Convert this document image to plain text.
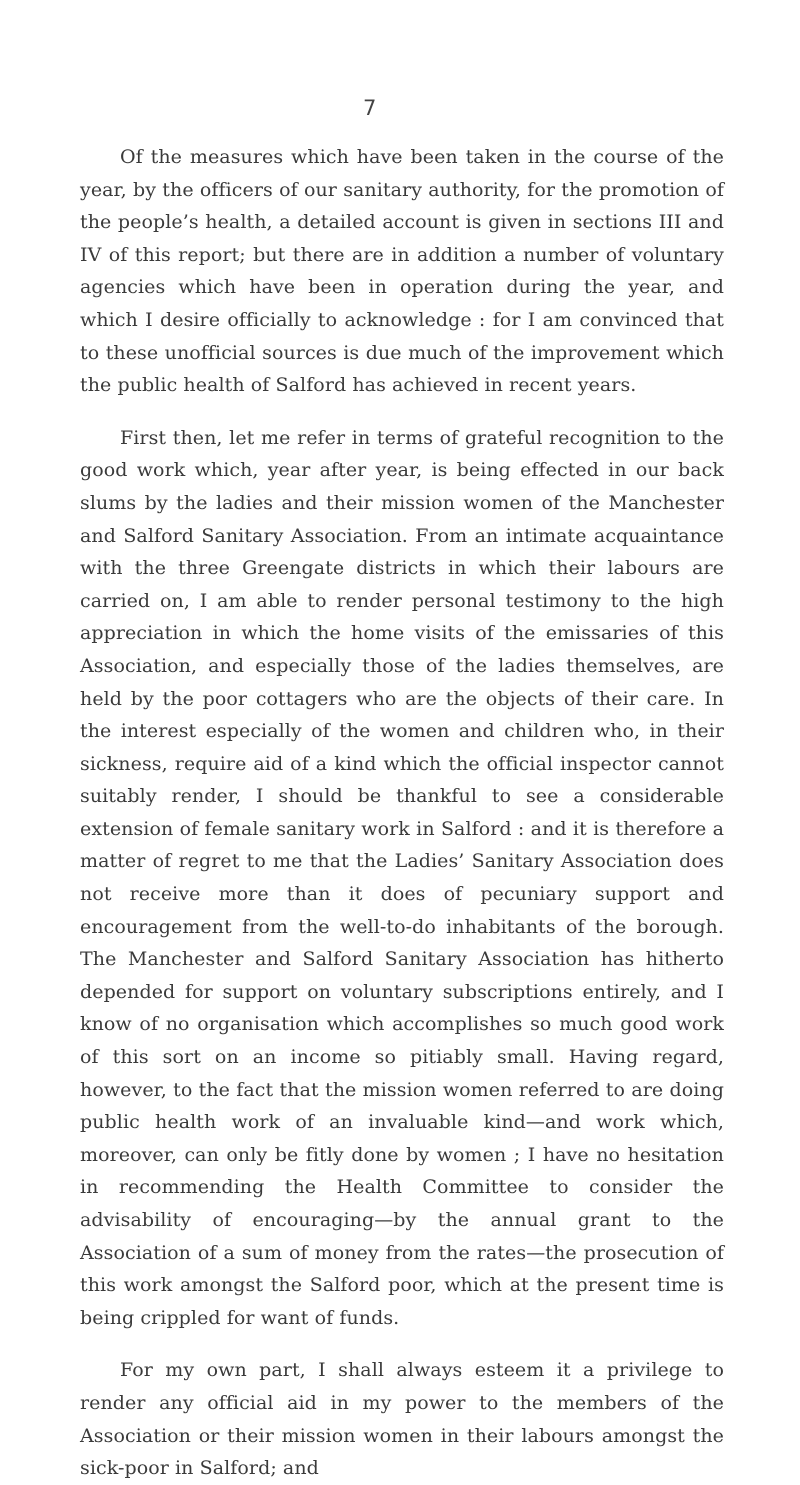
7

Of the measures which have been taken in the course of the year, by the officers of our sanitary authority, for the promotion of the people’s health, a detailed account is given in sections III and IV of this report; but there are in addition a number of voluntary agencies which have been in operation during the year, and which I desire officially to acknowledge : for I am convinced that to these unofficial sources is due much of the improvement which the public health of Salford has achieved in recent years.

First then, let me refer in terms of grateful recognition to the good work which, year after year, is being effected in our back slums by the ladies and their mission women of the Manchester and Salford Sanitary Association. From an intimate acquaintance with the three Greengate districts in which their labours are carried on, I am able to render personal testimony to the high appreciation in which the home visits of the emissaries of this Association, and especially those of the ladies themselves, are held by the poor cottagers who are the objects of their care. In the interest especially of the women and children who, in their sickness, require aid of a kind which the official inspector cannot suitably render, I should be thankful to see a considerable extension of female sanitary work in Salford : and it is therefore a matter of regret to me that the Ladies’ Sanitary Association does not receive more than it does of pecuniary support and encouragement from the well-to-do inhabitants of the borough. The Manchester and Salford Sanitary Association has hitherto depended for support on voluntary subscriptions entirely, and I know of no organisation which accomplishes so much good work of this sort on an income so pitiably small. Having regard, however, to the fact that the mission women referred to are doing public health work of an invaluable kind—and work which, moreover, can only be fitly done by women ; I have no hesitation in recommending the Health Committee to consider the advisability of encouraging—by the annual grant to the Association of a sum of money from the rates—the prosecution of this work amongst the Salford poor, which at the present time is being crippled for want of funds.

For my own part, I shall always esteem it a privilege to render any official aid in my power to the members of the Association or their mission women in their labours amongst the sick-poor in Salford; and
